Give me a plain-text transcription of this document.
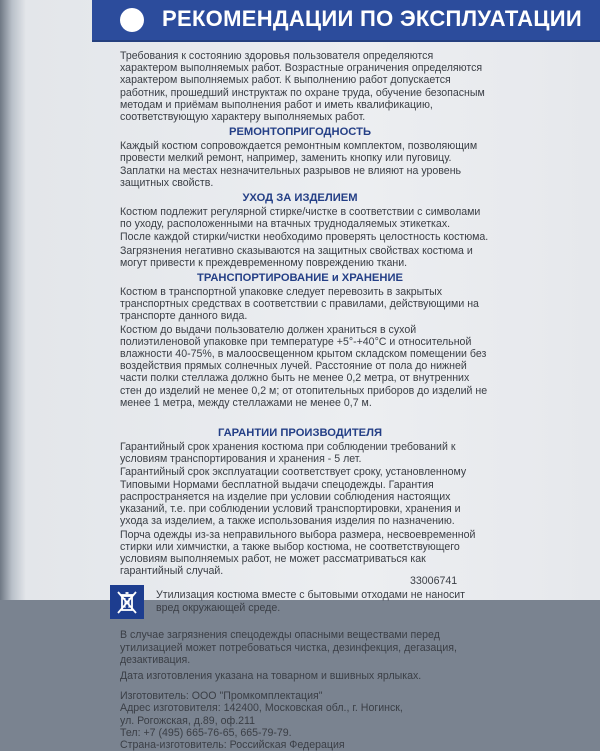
РЕКОМЕНДАЦИИ ПО ЭКСПЛУАТАЦИИ

Требования к состоянию здоровья пользователя определяются характером выполняемых работ. Возрастные ограничения определяются характером выполняемых работ. К выполнению работ допускается работник, прошедший инструктаж по охране труда, обучение безопасным методам и приёмам выполнения работ и иметь квалификацию, соответствующую характеру выполняемых работ.

РЕМОНТОПРИГОДНОСТЬ

Каждый костюм сопровождается ремонтным комплектом, позволяющим провести мелкий ремонт, например, заменить кнопку или пуговицу. Заплатки на местах незначительных разрывов не влияют на уровень защитных свойств.

УХОД ЗА ИЗДЕЛИЕМ

Костюм подлежит регулярной стирке/чистке в соответствии с символами по уходу, расположенными на втачных труднодаляемых этикетках.

После каждой стирки/чистки необходимо проверять целостность костюма.

Загрязнения негативно сказываются на защитных свойствах костюма и могут привести к преждевременному повреждению ткани.

ТРАНСПОРТИРОВАНИЕ и ХРАНЕНИЕ

Костюм в транспортной упаковке следует перевозить в закрытых транспортных средствах в соответствии с правилами, действующими на транспорте данного вида.

Костюм до выдачи пользователю должен храниться в сухой полиэтиленовой упаковке при температуре +5°-+40°С и относительной влажности 40-75%, в малоосвещенном крытом складском помещении без воздействия прямых солнечных лучей. Расстояние от пола до нижней части полки стеллажа должно быть не менее 0,2 метра, от внутренних стен до изделий не менее 0,2 м; от отопительных приборов до изделий не менее 1 метра, между стеллажами не менее 0,7 м.

ГАРАНТИИ ПРОИЗВОДИТЕЛЯ

Гарантийный срок хранения костюма при соблюдении требований к условиям транспортирования и хранения - 5 лет.

Гарантийный срок эксплуатации соответствует сроку, установленному Типовыми Нормами бесплатной выдачи спецодежды. Гарантия распространяется на изделие при условии соблюдения настоящих указаний, т.е. при соблюдении условий транспортировки, хранения и ухода за изделием, а также использования изделия по назначению.

Порча одежды из-за неправильного выбора размера, несвоевременной стирки или химчистки, а также выбор костюма, не соответствующего условиям выполняемых работ, не может рассматриваться как гарантийный случай.

Утилизация костюма вместе с бытовыми отходами не наносит вред окружающей среде.

В случае загрязнения спецодежды опасными веществами перед утилизацией может потребоваться чистка, дезинфекция, дегазация, дезактивация.

Дата изготовления указана на товарном и вшивных ярлыках.

Изготовитель: ООО "Промкомплектация"
Адрес изготовителя: 142400, Московская обл., г. Ногинск,
ул. Рогожская, д.89, оф.211
Тел: +7 (495) 665-76-65, 665-79-79.
Страна-изготовитель: Российская Федерация
33006741
